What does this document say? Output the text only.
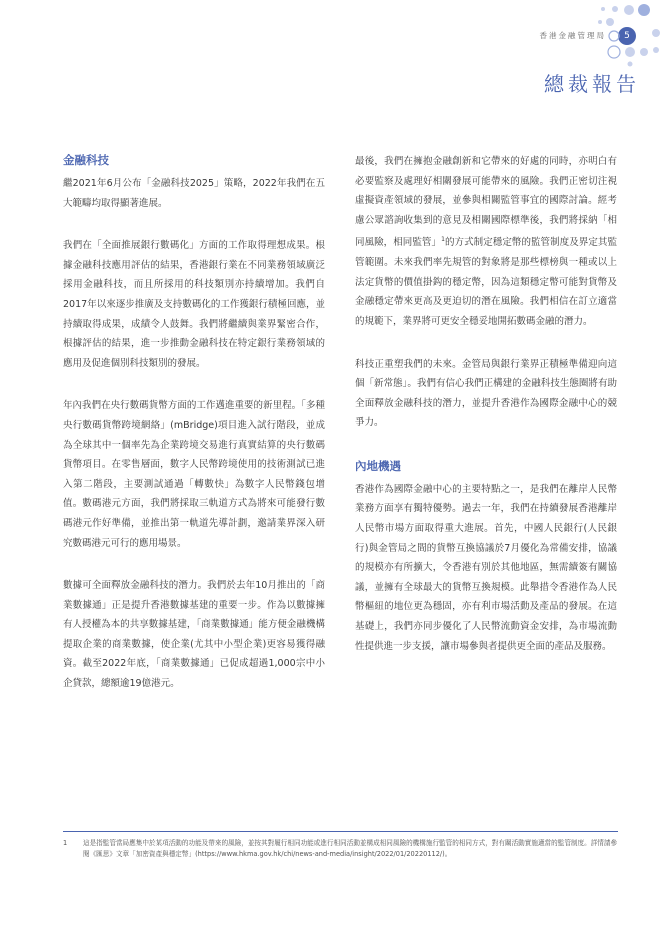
香港金融管理局	5
總裁報告
金融科技

繼2021年6月公布「金融科技2025」策略，2022年我們在五大範疇均取得顯著進展。

我們在「全面推展銀行數碼化」方面的工作取得理想成果。根據金融科技應用評估的結果，香港銀行業在不同業務領域廣泛採用金融科技，而且所採用的科技類別亦持續增加。我們自2017年以來逐步推廣及支持數碼化的工作獲銀行積極回應，並持續取得成果，成績令人鼓舞。我們將繼續與業界緊密合作，根據評估的結果，進一步推動金融科技在特定銀行業務領域的應用及促進個別科技類別的發展。

年內我們在央行數碼貨幣方面的工作邁進重要的新里程。「多種央行數碼貨幣跨境網絡」(mBridge)項目進入試行階段，並成為全球其中一個率先為企業跨境交易進行真實結算的央行數碼貨幣項目。在零售層面，數字人民幣跨境使用的技術測試已進入第二階段，主要測試通過「轉數快」為數字人民幣錢包增值。數碼港元方面，我們將採取三軌道方式為將來可能發行數碼港元作好準備，並推出第一軌道先導計劃，邀請業界深入研究數碼港元可行的應用場景。

數據可全面釋放金融科技的潛力。我們於去年10月推出的「商業數據通」正是提升香港數據基建的重要一步。作為以數據擁有人授權為本的共享數據基建，「商業數據通」能方便金融機構提取企業的商業數據，使企業(尤其中小型企業)更容易獲得融資。截至2022年底，「商業數據通」已促成超過1,000宗中小企貸款，總額逾19億港元。

最後，我們在擁抱金融創新和它帶來的好處的同時，亦明白有必要監察及處理好相關發展可能帶來的風險。我們正密切注視虛擬資產領域的發展，並參與相關監管事宜的國際討論。經考慮公眾諮詢收集到的意見及相關國際標準後，我們將採納「相同風險，相同監管」$^1$的方式制定穩定幣的監管制度及界定其監管範圍。未來我們率先規管的對象將是那些標榜與一種或以上法定貨幣的價值掛鈎的穩定幣，因為這類穩定幣可能對貨幣及金融穩定帶來更高及更迫切的潛在風險。我們相信在訂立適當的規範下，業界將可更安全穩妥地開拓數碼金融的潛力。

科技正重塑我們的未來。金管局與銀行業界正積極準備迎向這個「新常態」。我們有信心我們正構建的金融科技生態圈將有助全面釋放金融科技的潛力，並提升香港作為國際金融中心的競爭力。

內地機遇

香港作為國際金融中心的主要特點之一，是我們在離岸人民幣業務方面享有獨特優勢。過去一年，我們在持續發展香港離岸人民幣市場方面取得重大進展。首先，中國人民銀行(人民銀行)與金管局之間的貨幣互換協議於7月優化為常備安排，協議的規模亦有所擴大，令香港有別於其他地區，無需續簽有關協議，並擁有全球最大的貨幣互換規模。此舉措令香港作為人民幣樞紐的地位更為穩固，亦有利市場活動及產品的發展。在這基礎上，我們亦同步優化了人民幣流動資金安排，為市場流動性提供進一步支援，讓市場參與者提供更全面的產品及服務。

1 這是指監管當局應集中於某項活動的功能及帶來的風險，並按其對履行相同功能或進行相同活動並構成相同風險的機構施行監管的相同方式，對有關活動實施適當的監管制度。詳情請參閱《匯思》文章「加密資產與穩定幣」(https://www.hkma.gov.hk/chi/news-and-media/insight/2022/01/20220112/)。
